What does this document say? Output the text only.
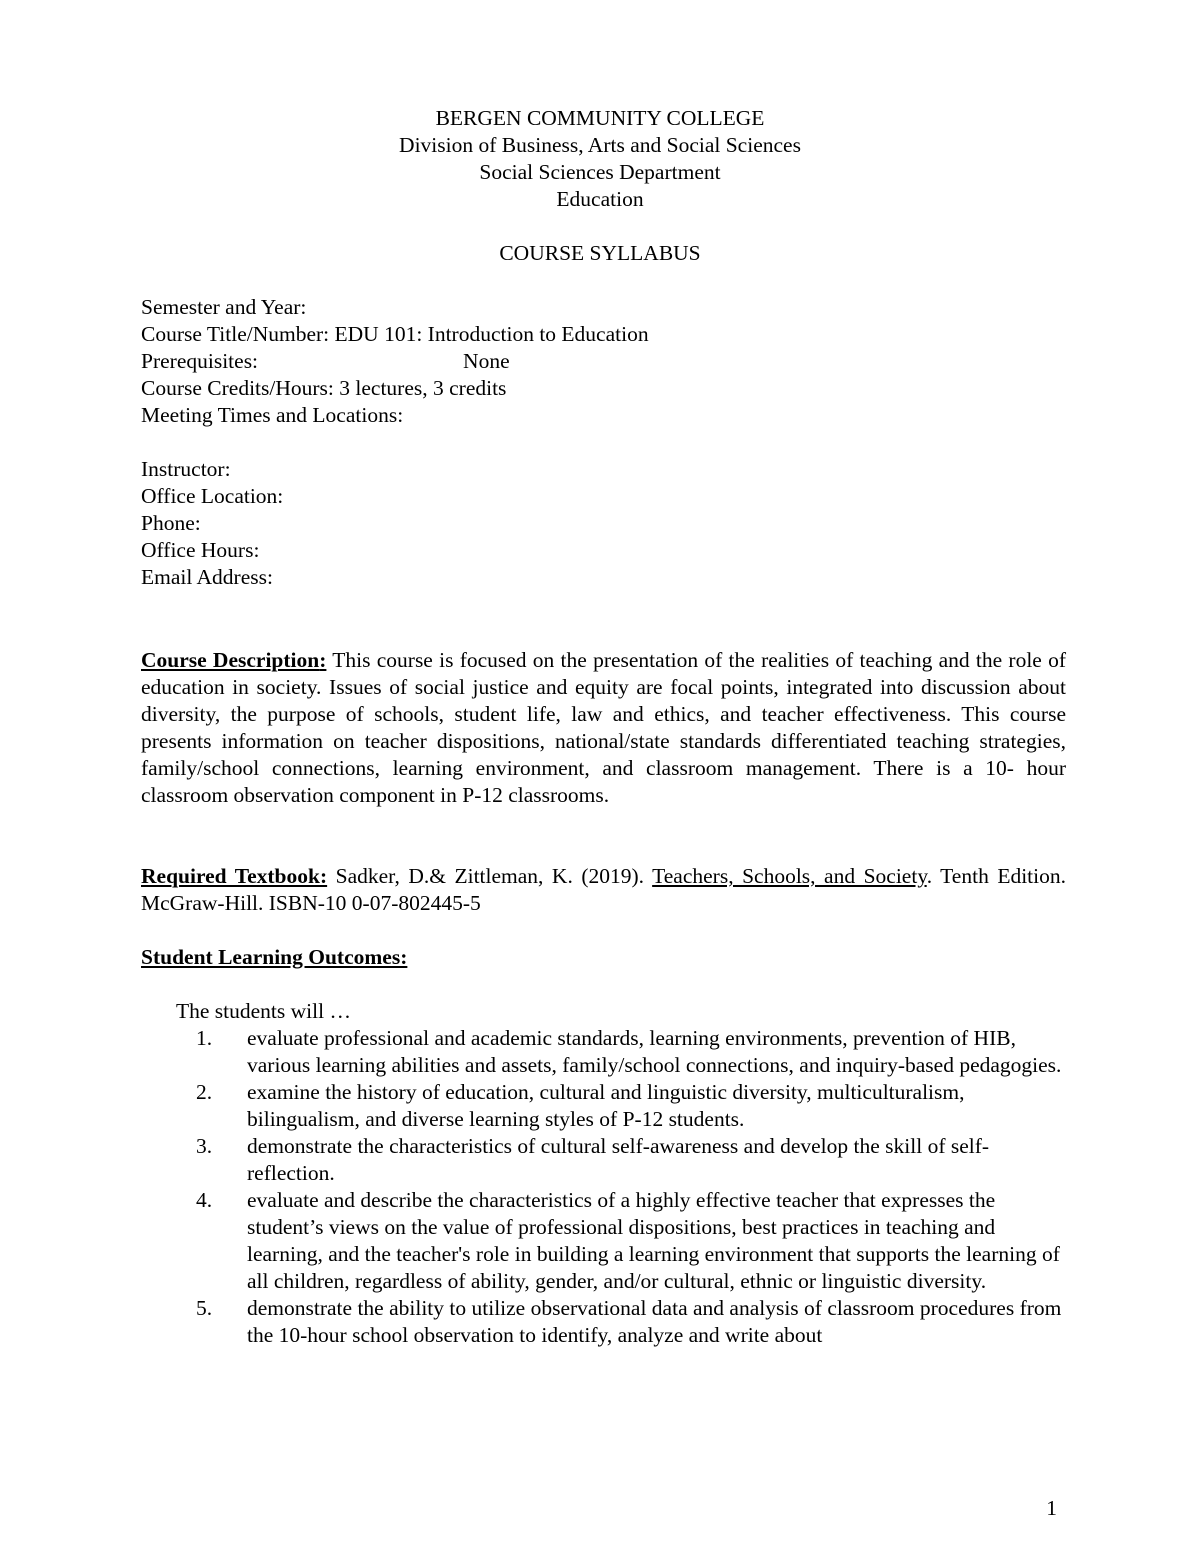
BERGEN COMMUNITY COLLEGE
Division of Business, Arts and Social Sciences
Social Sciences Department
Education
COURSE SYLLABUS
Semester and Year:
Course Title/Number: EDU 101: Introduction to Education
Prerequisites:	None
Course Credits/Hours: 3 lectures, 3 credits
Meeting Times and Locations:
Instructor:
Office Location:
Phone:
Office Hours:
Email Address:
Course Description: This course is focused on the presentation of the realities of teaching and the role of education in society. Issues of social justice and equity are focal points, integrated into discussion about diversity, the purpose of schools, student life, law and ethics, and teacher effectiveness. This course presents information on teacher dispositions, national/state standards differentiated teaching strategies, family/school connections, learning environment, and classroom management. There is a 10- hour classroom observation component in P-12 classrooms.
Required Textbook: Sadker, D.& Zittleman, K. (2019). Teachers, Schools, and Society. Tenth Edition. McGraw-Hill. ISBN-10 0-07-802445-5
Student Learning Outcomes:
The students will …
1. evaluate professional and academic standards, learning environments, prevention of HIB, various learning abilities and assets, family/school connections, and inquiry-based pedagogies.
2. examine the history of education, cultural and linguistic diversity, multiculturalism, bilingualism, and diverse learning styles of P-12 students.
3. demonstrate the characteristics of cultural self-awareness and develop the skill of self-reflection.
4. evaluate and describe the characteristics of a highly effective teacher that expresses the student’s views on the value of professional dispositions, best practices in teaching and learning, and the teacher's role in building a learning environment that supports the learning of all children, regardless of ability, gender, and/or cultural, ethnic or linguistic diversity.
5. demonstrate the ability to utilize observational data and analysis of classroom procedures from the 10-hour school observation to identify, analyze and write about
1
